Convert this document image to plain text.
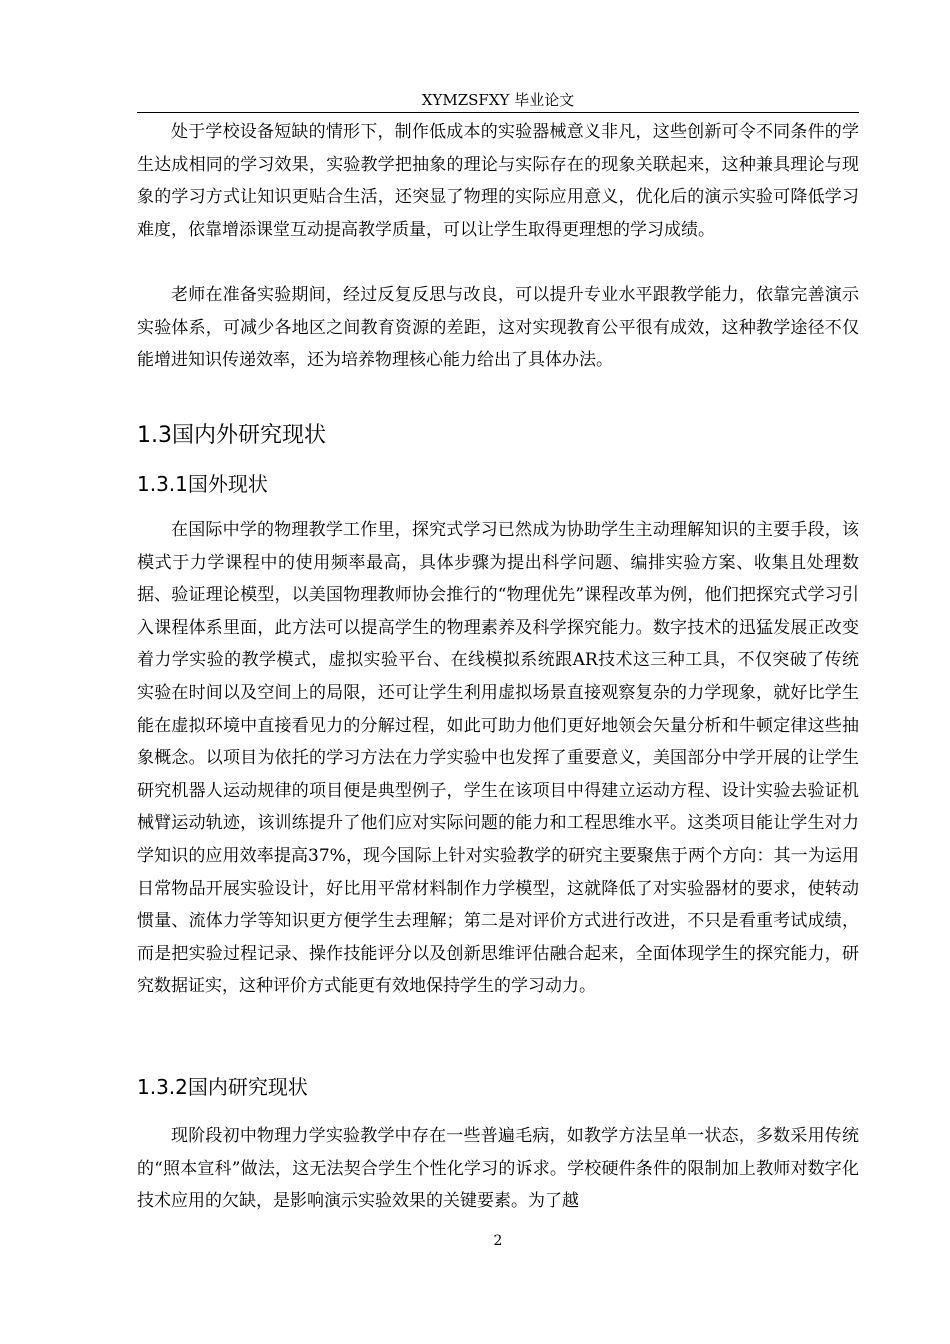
XYMZSFXY 毕业论文

处于学校设备短缺的情形下，制作低成本的实验器械意义非凡，这些创新可令不同条件的学生达成相同的学习效果，实验教学把抽象的理论与实际存在的现象关联起来，这种兼具理论与现象的学习方式让知识更贴合生活，还突显了物理的实际应用意义，优化后的演示实验可降低学习难度，依靠增添课堂互动提高教学质量，可以让学生取得更理想的学习成绩。

老师在准备实验期间，经过反复反思与改良，可以提升专业水平跟教学能力，依靠完善演示实验体系，可减少各地区之间教育资源的差距，这对实现教育公平很有成效，这种教学途径不仅能增进知识传递效率，还为培养物理核心能力给出了具体办法。

1.3国内外研究现状
1.3.1国外现状

在国际中学的物理教学工作里，探究式学习已然成为协助学生主动理解知识的主要手段，该模式于力学课程中的使用频率最高，具体步骤为提出科学问题、编排实验方案、收集且处理数据、验证理论模型，以美国物理教师协会推行的“物理优先”课程改革为例，他们把探究式学习引入课程体系里面，此方法可以提高学生的物理素养及科学探究能力。数字技术的迅猛发展正改变着力学实验的教学模式，虚拟实验平台、在线模拟系统跟AR技术这三种工具，不仅突破了传统实验在时间以及空间上的局限，还可让学生利用虚拟场景直接观察复杂的力学现象，就好比学生能在虚拟环境中直接看见力的分解过程，如此可助力他们更好地领会矢量分析和牛顿定律这些抽象概念。以项目为依托的学习方法在力学实验中也发挥了重要意义，美国部分中学开展的让学生研究机器人运动规律的项目便是典型例子，学生在该项目中得建立运动方程、设计实验去验证机械臂运动轨迹，该训练提升了他们应对实际问题的能力和工程思维水平。这类项目能让学生对力学知识的应用效率提高37%，现今国际上针对实验教学的研究主要聚焦于两个方向：其一为运用日常物品开展实验设计，好比用平常材料制作力学模型，这就降低了对实验器材的要求，使转动惯量、流体力学等知识更方便学生去理解；第二是对评价方式进行改进，不只是看重考试成绩，而是把实验过程记录、操作技能评分以及创新思维评估融合起来，全面体现学生的探究能力，研究数据证实，这种评价方式能更有效地保持学生的学习动力。

1.3.2国内研究现状

现阶段初中物理力学实验教学中存在一些普遍毛病，如教学方法呈单一状态，多数采用传统的“照本宣科”做法，这无法契合学生个性化学习的诉求。学校硬件条件的限制加上教师对数字化技术应用的欠缺，是影响演示实验效果的关键要素。为了越

2
